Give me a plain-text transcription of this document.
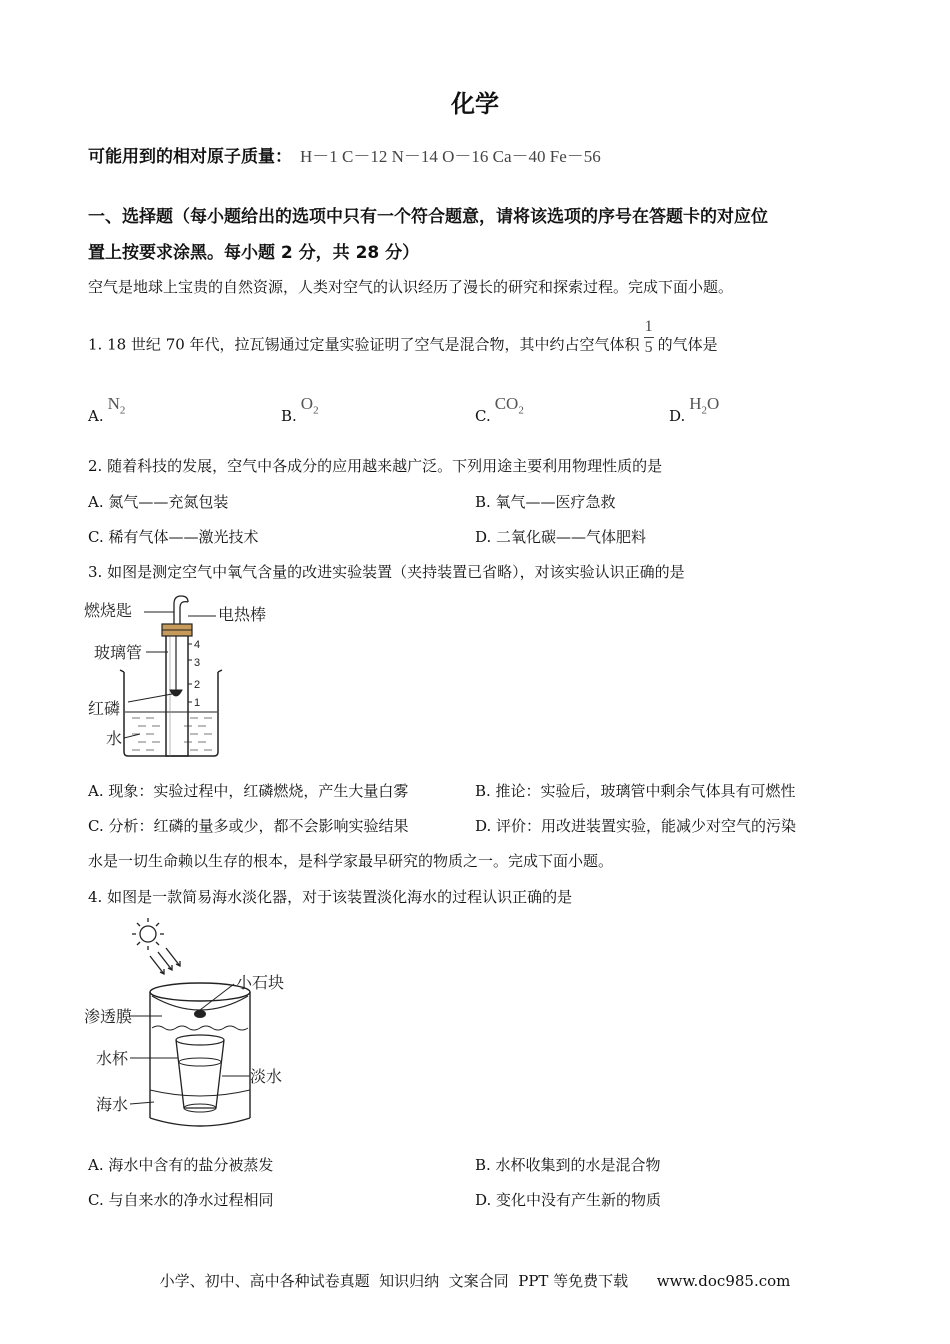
化学
可能用到的相对原子质量： H－1 C－12 N－14 O－16 Ca－40 Fe－56
一、选择题（每小题给出的选项中只有一个符合题意，请将该选项的序号在答题卡的对应位
置上按要求涂黑。每小题 2 分，共 28 分）
空气是地球上宝贵的自然资源，人类对空气的认识经历了漫长的研究和探索过程。完成下面小题。
1. 18 世纪 70 年代，拉瓦锡通过定量实验证明了空气是混合物，其中约占空气体积 $\frac{1}{5}$ 的气体是
$A.N_2$	$B.O_2$	$C.CO_2$	$D.H_2O$
2. 随着科技的发展，空气中各成分的应用越来越广泛。下列用途主要利用物理性质的是
A. 氮气——充氮包装	B. 氧气——医疗急救
C. 稀有气体——激光技术	D. 二氧化碳——气体肥料
3. 如图是测定空气中氧气含量的改进实验装置（夹持装置已省略），对该实验认识正确的是
4
3
2
1
燃烧匙	电热棒
玻璃管
红磷
水
A. 现象：实验过程中，红磷燃烧，产生大量白雾	B. 推论：实验后，玻璃管中剩余气体具有可燃性
C. 分析：红磷的量多或少，都不会影响实验结果	D. 评价：用改进装置实验，能减少对空气的污染
水是一切生命赖以生存的根本，是科学家最早研究的物质之一。完成下面小题。
4. 如图是一款简易海水淡化器，对于该装置淡化海水的过程认识正确的是
小石块
渗透膜
水杯
淡水
海水
A. 海水中含有的盐分被蒸发	B. 水杯收集到的水是混合物
C. 与自来水的净水过程相同	D. 变化中没有产生新的物质
小学、初中、高中各种试卷真题  知识归纳  文案合同  PPT 等免费下载      www.doc985.com
